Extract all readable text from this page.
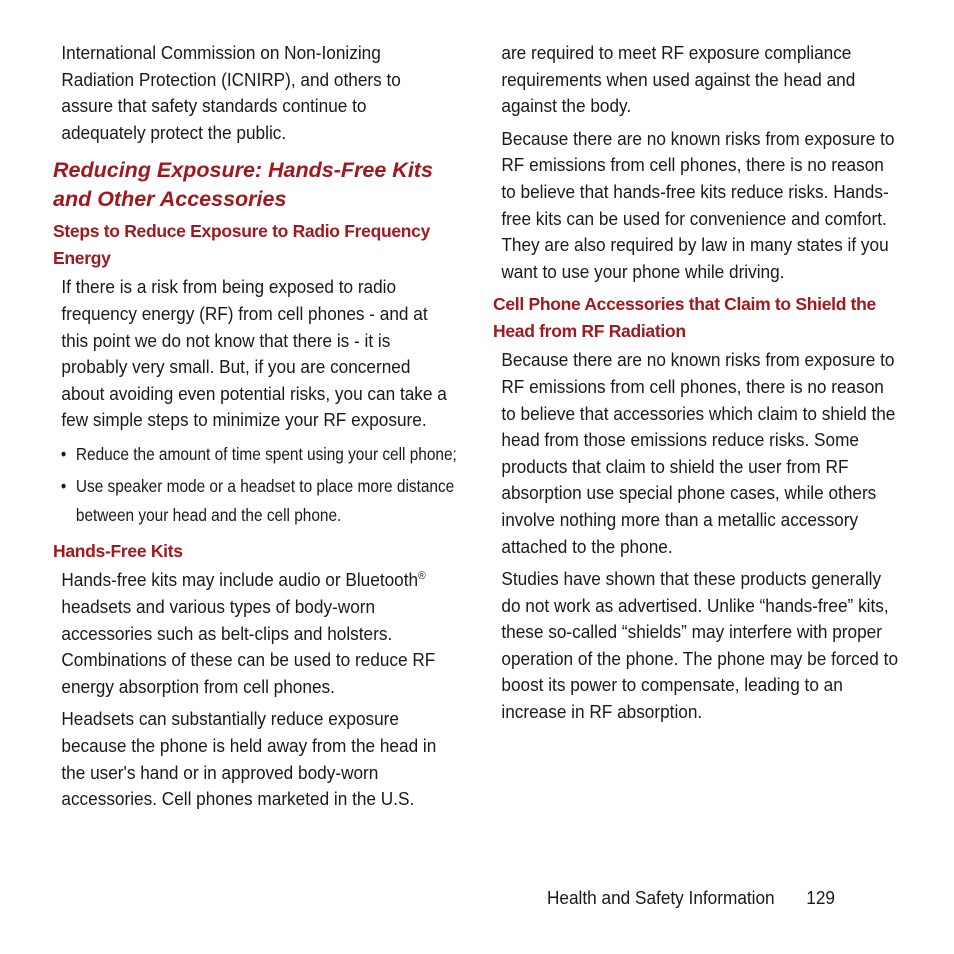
International Commission on Non-Ionizing Radiation Protection (ICNIRP), and others to assure that safety standards continue to adequately protect the public.

Reducing Exposure: Hands-Free Kits and Other Accessories
Steps to Reduce Exposure to Radio Frequency Energy

If there is a risk from being exposed to radio frequency energy (RF) from cell phones - and at this point we do not know that there is - it is probably very small. But, if you are concerned about avoiding even potential risks, you can take a few simple steps to minimize your RF exposure.

• Reduce the amount of time spent using your cell phone;
• Use speaker mode or a headset to place more distance between your head and the cell phone.
Hands-Free Kits

Hands-free kits may include audio or Bluetooth® headsets and various types of body-worn accessories such as belt-clips and holsters. Combinations of these can be used to reduce RF energy absorption from cell phones.

Headsets can substantially reduce exposure because the phone is held away from the head in the user's hand or in approved body-worn accessories. Cell phones marketed in the U.S.

are required to meet RF exposure compliance requirements when used against the head and against the body.

Because there are no known risks from exposure to RF emissions from cell phones, there is no reason to believe that hands-free kits reduce risks. Hands-free kits can be used for convenience and comfort. They are also required by law in many states if you want to use your phone while driving.

Cell Phone Accessories that Claim to Shield the Head from RF Radiation

Because there are no known risks from exposure to RF emissions from cell phones, there is no reason to believe that accessories which claim to shield the head from those emissions reduce risks. Some products that claim to shield the user from RF absorption use special phone cases, while others involve nothing more than a metallic accessory attached to the phone.

Studies have shown that these products generally do not work as advertised. Unlike “hands-free” kits, these so-called “shields” may interfere with proper operation of the phone. The phone may be forced to boost its power to compensate, leading to an increase in RF absorption.

Health and Safety Information 129
